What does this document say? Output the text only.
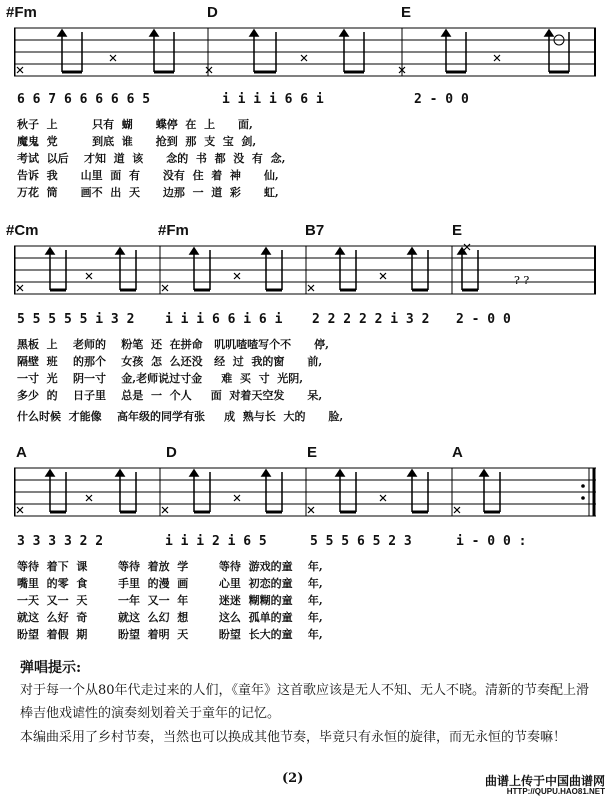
#Fm	D	E
6 6 7 6 6 6 6 6 5	i i i i 6 6 i	2 - 0 0
秋子  上         只有  蝴      蝶停  在  上      面,
魔鬼  党         到底  谁      抢到  那  支  宝  剑,
考试  以后    才知  道  该      念的  书  都  没  有  念,
告诉  我      山里  面  有      没有  住  着  神      仙,
万花  筒      画不  出  天      边那  一  道  彩      虹,
#Cm	#Fm	B7	E
? ?
5 5 5 5 5 i 3 2 i i i 6 6 i 6 i 2 2 2 2 2 i 3 2 2 - 0 0
黑板  上    老师的    粉笔  还  在拼命   叽叽喳喳写个不      停,
隔壁  班    的那个    女孩  怎  么还没   经  过  我的窗      前,
一寸  光    阴一寸    金,老师说过寸金     难  买  寸  光阴,
多少  的    日子里    总是  一  个人     面  对着天空发      呆,
什么时候  才能像    高年级的同学有张     成  熟与长  大的      脸,
A	D	E	A
3 3 3 3 2 2	i i i 2 i 6 5	5 5 5 6 5 2 3	i - 0 0 :
等待  着下  课        等待  着放  学        等待  游戏的童    年,
嘴里  的零  食        手里  的漫  画        心里  初恋的童    年,
一天  又一  天        一年  又一  年        迷迷  糊糊的童    年,
就这  么好  奇        就这  么幻  想        这么  孤单的童    年,
盼望  着假  期        盼望  着明  天        盼望  长大的童    年,
弹唱提示:
对于每一个从80年代走过来的人们，《童年》这首歌应该是无人不知、无人不晓。清新的节奏配上滑棒吉他戏谑性的演奏刻划着关于童年的记忆。
本编曲采用了乡村节奏，当然也可以换成其他节奏，毕竟只有永恒的旋律，而无永恒的节奏嘛！
(2)	曲谱上传于中国曲谱网
HTTP://QUPU.HAO81.NET
